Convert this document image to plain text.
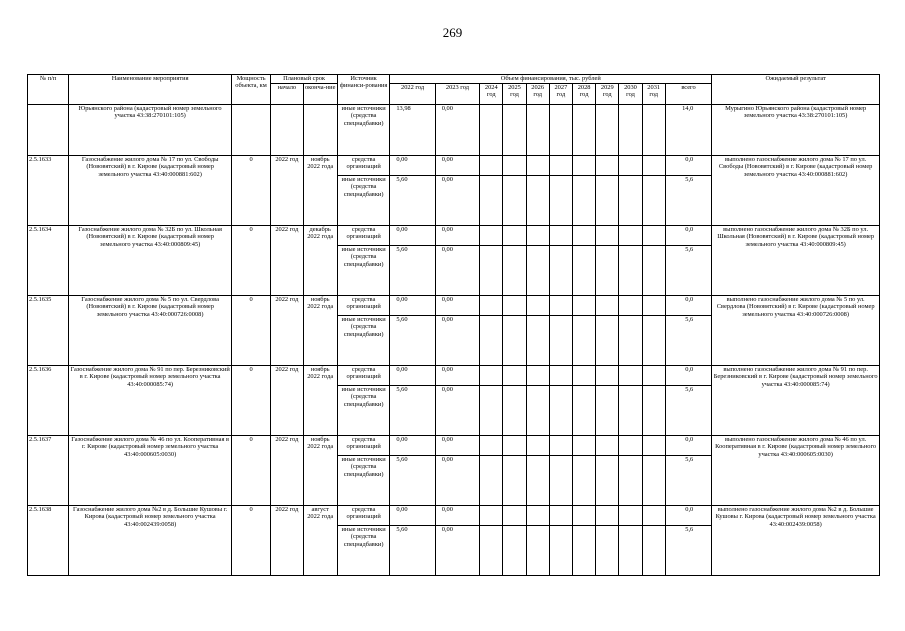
269
№ п/п	Наименование мероприятия	Мощность объекта, км	Плановый срок		Источник финанси-рования	Объем финансирования, тыс. рублей											Ожидаемый результат
			начало	оконча-ние		2022 год	2023 год	2024 год	2025 год	2026 год	2027 год	2028 год	2029 год	2030 год	2031 год	всего	

	Юрьянского района (кадастровый номер земельного участка 43:38:270101:105)				иные источники (средства спецнадбавки)	13,98	0,00									14,0	Мурыгино Юрьянского района (кадастровый номер земельного участка 43:38:270101:105)
2.5.1633	Газоснабжение жилого дома № 17 по ул. Свободы (Нововятский) в г. Кирове (кадастровый номер земельного участка 43:40:000881:602)	0	2022 год	ноябрь 2022 года	средства организаций	0,00	0,00									0,0	выполнено газоснабжение жилого дома № 17 по ул. Свободы (Нововятский) в г. Кирове (кадастровый номер земельного участка 43:40:000881:602)
					иные источники (средства спецнадбавки)	5,60	0,00									5,6	
2.5.1634	Газоснабжение жилого дома № 32Б по ул. Школьная (Нововятский) в г. Кирове (кадастровый номер земельного участка 43:40:000809:45)	0	2022 год	декабрь 2022 года	средства организаций	0,00	0,00									0,0	выполнено газоснабжение жилого дома № 32Б по ул. Школьная (Нововятский) в г. Кирове (кадастровый номер земельного участка 43:40:000809:45)
					иные источники (средства спецнадбавки)	5,60	0,00									5,6	
2.5.1635	Газоснабжение жилого дома № 5 по ул. Свердлова (Нововятский) в г. Кирове (кадастровый номер земельного участка 43:40:000726:0008)	0	2022 год	ноябрь 2022 года	средства организаций	0,00	0,00									0,0	выполнено газоснабжение жилого дома № 5 по ул. Свердлова (Нововятский) в г. Кирове (кадастровый номер земельного участка 43:40:000726:0008)
					иные источники (средства спецнадбавки)	5,60	0,00									5,6	
2.5.1636	Газоснабжение жилого дома № 91 по пер. Березниковский в г. Кирове (кадастровый номер земельного участка 43:40:000085:74)	0	2022 год	ноябрь 2022 года	средства организаций	0,00	0,00									0,0	выполнено газоснабжение жилого дома № 91 по пер. Березниковский в г. Кирове (кадастровый номер земельного участка 43:40:000085:74)
					иные источники (средства спецнадбавки)	5,60	0,00									5,6	
2.5.1637	Газоснабжение жилого дома № 46 по ул. Кооперативная в г. Кирове (кадастровый номер земельного участка 43:40:000605:0030)	0	2022 год	ноябрь 2022 года	средства организаций	0,00	0,00									0,0	выполнено газоснабжение жилого дома № 46 по ул. Кооперативная в г. Кирове (кадастровый номер земельного участка 43:40:000605:0030)
					иные источники (средства спецнадбавки)	5,60	0,00									5,6	
2.5.1638	Газоснабжение жилого дома №2 в д. Большие Кушовы г. Кирова (кадастровый номер земельного участка 43:40:002439:0058)	0	2022 год	август 2022 года	средства организаций	0,00	0,00									0,0	выполнено газоснабжение жилого дома №2 в д. Большие Кушовы г. Кирова (кадастровый номер земельного участка 43:40:002439:0058)
					иные источники (средства спецнадбавки)	5,60	0,00									5,6	
